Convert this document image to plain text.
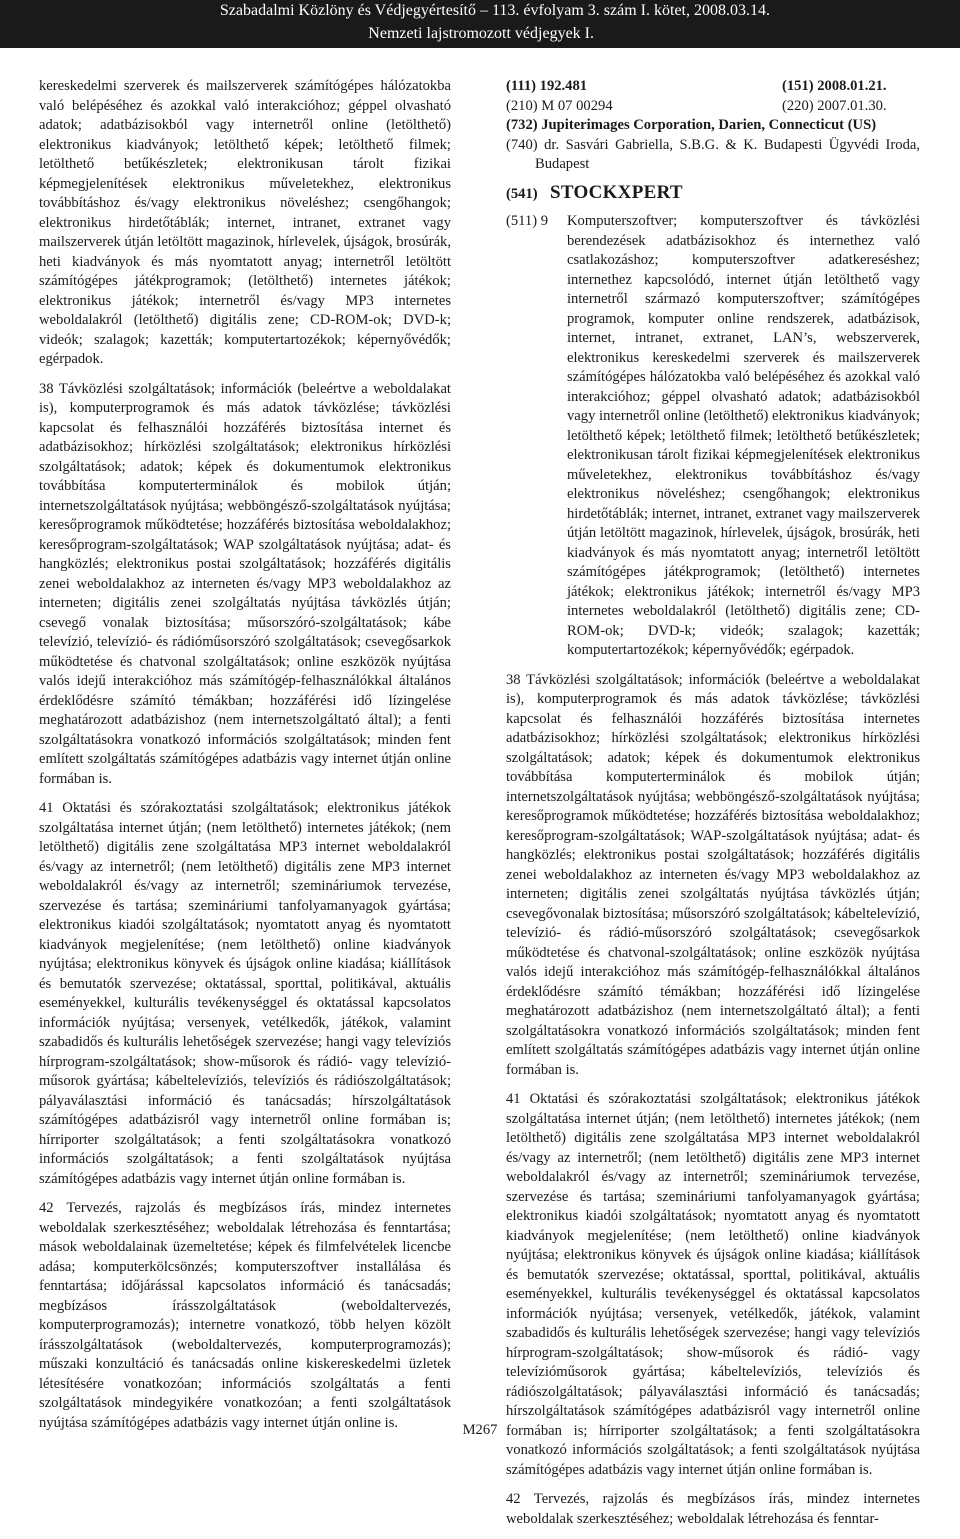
Szabadalmi Közlöny és Védjegyértesítő – 113. évfolyam 3. szám I. kötet, 2008.03.14.
Nemzeti lajstromozott védjegyek I.

kereskedelmi szerverek és mailszerverek számítógépes hálózatokba való belépéséhez és azokkal való interakcióhoz; géppel olvasható adatok; adatbázisokból vagy internetről online (letölthető) elektronikus kiadványok; letölthető képek; letölthető filmek; letölthető betűkészletek; elektronikusan tárolt fizikai képmegjelenítések elektronikus műveletekhez, elektronikus továbbításhoz és/vagy elektronikus növeléshez; csengőhangok; elektronikus hirdetőtáblák; internet, intranet, extranet vagy mailszerverek útján letöltött magazinok, hírlevelek, újságok, brosúrák, heti kiadványok és más nyomtatott anyag; internetről letöltött számítógépes játékprogramok; (letölthető) internetes játékok; elektronikus játékok; internetről és/vagy MP3 internetes weboldalakról (letölthető) digitális zene; CD-ROM-ok; DVD-k; videók; szalagok; kazetták; komputertartozékok; képernyővédők; egérpadok.

38 Távközlési szolgáltatások; információk (beleértve a weboldalakat is), komputerprogramok és más adatok távközlése; távközlési kapcsolat és felhasználói hozzáférés biztosítása internet és adatbázisokhoz; hírközlési szolgáltatások; elektronikus hírközlési szolgáltatások; adatok; képek és dokumentumok elektronikus továbbítása komputerterminálok és mobilok útján; internetszolgáltatások nyújtása; webböngésző-szolgáltatások nyújtása; keresőprogramok működtetése; hozzáférés biztosítása weboldalakhoz; keresőprogram-szolgáltatások; WAP szolgáltatások nyújtása; adat- és hangközlés; elektronikus postai szolgáltatások; hozzáférés digitális zenei weboldalakhoz az interneten és/vagy MP3 weboldalakhoz az interneten; digitális zenei szolgáltatás nyújtása távközlés útján; csevegő vonalak biztosítása; műsorszóró-szolgáltatások; kábe televízió, televízió- és rádióműsorszóró szolgáltatások; csevegősarkok működtetése és chatvonal szolgáltatások; online eszközök nyújtása valós idejű interakcióhoz más számítógép-felhasználókkal általános érdeklődésre számító témákban; hozzáférési idő lízingelése meghatározott adatbázishoz (nem internetszolgáltató által); a fenti szolgáltatásokra vonatkozó információs szolgáltatások; minden fent említett szolgáltatás számítógépes adatbázis vagy internet útján online formában is.

41 Oktatási és szórakoztatási szolgáltatások; elektronikus játékok szolgáltatása internet útján; (nem letölthető) internetes játékok; (nem letölthető) digitális zene szolgáltatása MP3 internet weboldalakról és/vagy az internetről; (nem letölthető) digitális zene MP3 internet weboldalakról és/vagy az internetről; szemináriumok tervezése, szervezése és tartása; szemináriumi tanfolyamanyagok gyártása; elektronikus kiadói szolgáltatások; nyomtatott anyag és nyomtatott kiadványok megjelenítése; (nem letölthető) online kiadványok nyújtása; elektronikus könyvek és újságok online kiadása; kiállítások és bemutatók szervezése; oktatással, sporttal, politikával, aktuális eseményekkel, kulturális tevékenységgel és oktatással kapcsolatos információk nyújtása; versenyek, vetélkedők, játékok, valamint szabadidős és kulturális lehetőségek szervezése; hangi vagy televíziós hírprogram-szolgáltatások; show-műsorok és rádió- vagy televízió-műsorok gyártása; kábeltelevíziós, televíziós és rádiószolgáltatások; pályaválasztási információ és tanácsadás; hírszolgáltatások számítógépes adatbázisról vagy internetről online formában is; hírriporter szolgáltatások; a fenti szolgáltatásokra vonatkozó információs szolgáltatások; a fenti szolgáltatások nyújtása számítógépes adatbázis vagy internet útján online formában is.

42 Tervezés, rajzolás és megbízásos írás, mindez internetes weboldalak szerkesztéséhez; weboldalak létrehozása és fenntartása; mások weboldalainak üzemeltetése; képek és filmfelvételek licencbe adása; komputerkölcsönzés; komputerszoftver installálása és fenntartása; időjárással kapcsolatos információ és tanácsadás; megbízásos írásszolgáltatások (weboldaltervezés, komputerprogramozás); internetre vonatkozó, több helyen közölt írásszolgáltatások (weboldaltervezés, komputerprogramozás); műszaki konzultáció és tanácsadás online kiskereskedelmi üzletek létesítésére vonatkozóan; információs szolgáltatás a fenti szolgáltatások mindegyikére vonatkozóan; a fenti szolgáltatások nyújtása számítógépes adatbázis vagy internet útján online is.

(111) 192.481	(151) 2008.01.21.
(210) M 07 00294	(220) 2007.01.30.
(732) Jupiterimages Corporation, Darien, Connecticut (US)
(740) dr. Sasvári Gabriella, S.B.G. & K. Budapesti Ügyvédi Iroda, Budapest
(541) STOCKXPERT
(511) 9	Komputerszoftver; komputerszoftver és távközlési berendezések adatbázisokhoz és internethez való csatlakozáshoz; komputerszoftver adatkereséshez; internethez kapcsolódó, internet útján letölthető vagy internetről származó komputerszoftver; számítógépes programok, komputer online rendszerek, adatbázisok, internet, intranet, extranet, LAN’s, webszerverek, elektronikus kereskedelmi szerverek és mailszerverek számítógépes hálózatokba való belépéséhez és azokkal való interakcióhoz; géppel olvasható adatok; adatbázisokból vagy internetről online (letölthető) elektronikus kiadványok; letölthető képek; letölthető filmek; letölthető betűkészletek; elektronikusan tárolt fizikai képmegjelenítések elektronikus műveletekhez, elektronikus továbbításhoz és/vagy elektronikus növeléshez; csengőhangok; elektronikus hirdetőtáblák; internet, intranet, extranet vagy mailszerverek útján letöltött magazinok, hírlevelek, újságok, brosúrák, heti kiadványok és más nyomtatott anyag; internetről letöltött számítógépes játékprogramok; (letölthető) internetes játékok; elektronikus játékok; internetről és/vagy MP3 internetes weboldalakról (letölthető) digitális zene; CD-ROM-ok; DVD-k; videók; szalagok; kazetták; komputertartozékok; képernyővédők; egérpadok.

38 Távközlési szolgáltatások; információk (beleértve a weboldalakat is), komputerprogramok és más adatok távközlése; távközlési kapcsolat és felhasználói hozzáférés biztosítása internetes adatbázisokhoz; hírközlési szolgáltatások; elektronikus hírközlési szolgáltatások; adatok; képek és dokumentumok elektronikus továbbítása komputerterminálok és mobilok útján; internetszolgáltatások nyújtása; webböngésző-szolgáltatások nyújtása; keresőprogramok működtetése; hozzáférés biztosítása weboldalakhoz; keresőprogram-szolgáltatások; WAP-szolgáltatások nyújtása; adat- és hangközlés; elektronikus postai szolgáltatások; hozzáférés digitális zenei weboldalakhoz az interneten és/vagy MP3 weboldalakhoz az interneten; digitális zenei szolgáltatás nyújtása távközlés útján; csevegővonalak biztosítása; műsorszóró szolgáltatások; kábeltelevízió, televízió- és rádió-műsorszóró szolgáltatások; csevegősarkok működtetése és chatvonal-szolgáltatások; online eszközök nyújtása valós idejű interakcióhoz más számítógép-felhasználókkal általános érdeklődésre számító témákban; hozzáférési idő lízingelése meghatározott adatbázishoz (nem internetszolgáltató által); a fenti szolgáltatásokra vonatkozó információs szolgáltatások; minden fent említett szolgáltatás számítógépes adatbázis vagy internet útján online formában is.

41 Oktatási és szórakoztatási szolgáltatások; elektronikus játékok szolgáltatása internet útján; (nem letölthető) internetes játékok; (nem letölthető) digitális zene szolgáltatása MP3 internet weboldalakról és/vagy az internetről; (nem letölthető) digitális zene MP3 internet weboldalakról és/vagy az internetről; szemináriumok tervezése, szervezése és tartása; szemináriumi tanfolyamanyagok gyártása; elektronikus kiadói szolgáltatások; nyomtatott anyag és nyomtatott kiadványok megjelenítése; (nem letölthető) online kiadványok nyújtása; elektronikus könyvek és újságok online kiadása; kiállítások és bemutatók szervezése; oktatással, sporttal, politikával, aktuális eseményekkel, kulturális tevékenységgel és oktatással kapcsolatos információk nyújtása; versenyek, vetélkedők, játékok, valamint szabadidős és kulturális lehetőségek szervezése; hangi vagy televíziós hírprogram-szolgáltatások; show-műsorok és rádió- vagy televízióműsorok gyártása; kábeltelevíziós, televíziós és rádiószolgáltatások; pályaválasztási információ és tanácsadás; hírszolgáltatások számítógépes adatbázisról vagy internetről online formában is; hírriporter szolgáltatások; a fenti szolgáltatásokra vonatkozó információs szolgáltatások; a fenti szolgáltatások nyújtása számítógépes adatbázis vagy internet útján online formában is.

42 Tervezés, rajzolás és megbízásos írás, mindez internetes weboldalak szerkesztéséhez; weboldalak létrehozása és fenntar-

M267
